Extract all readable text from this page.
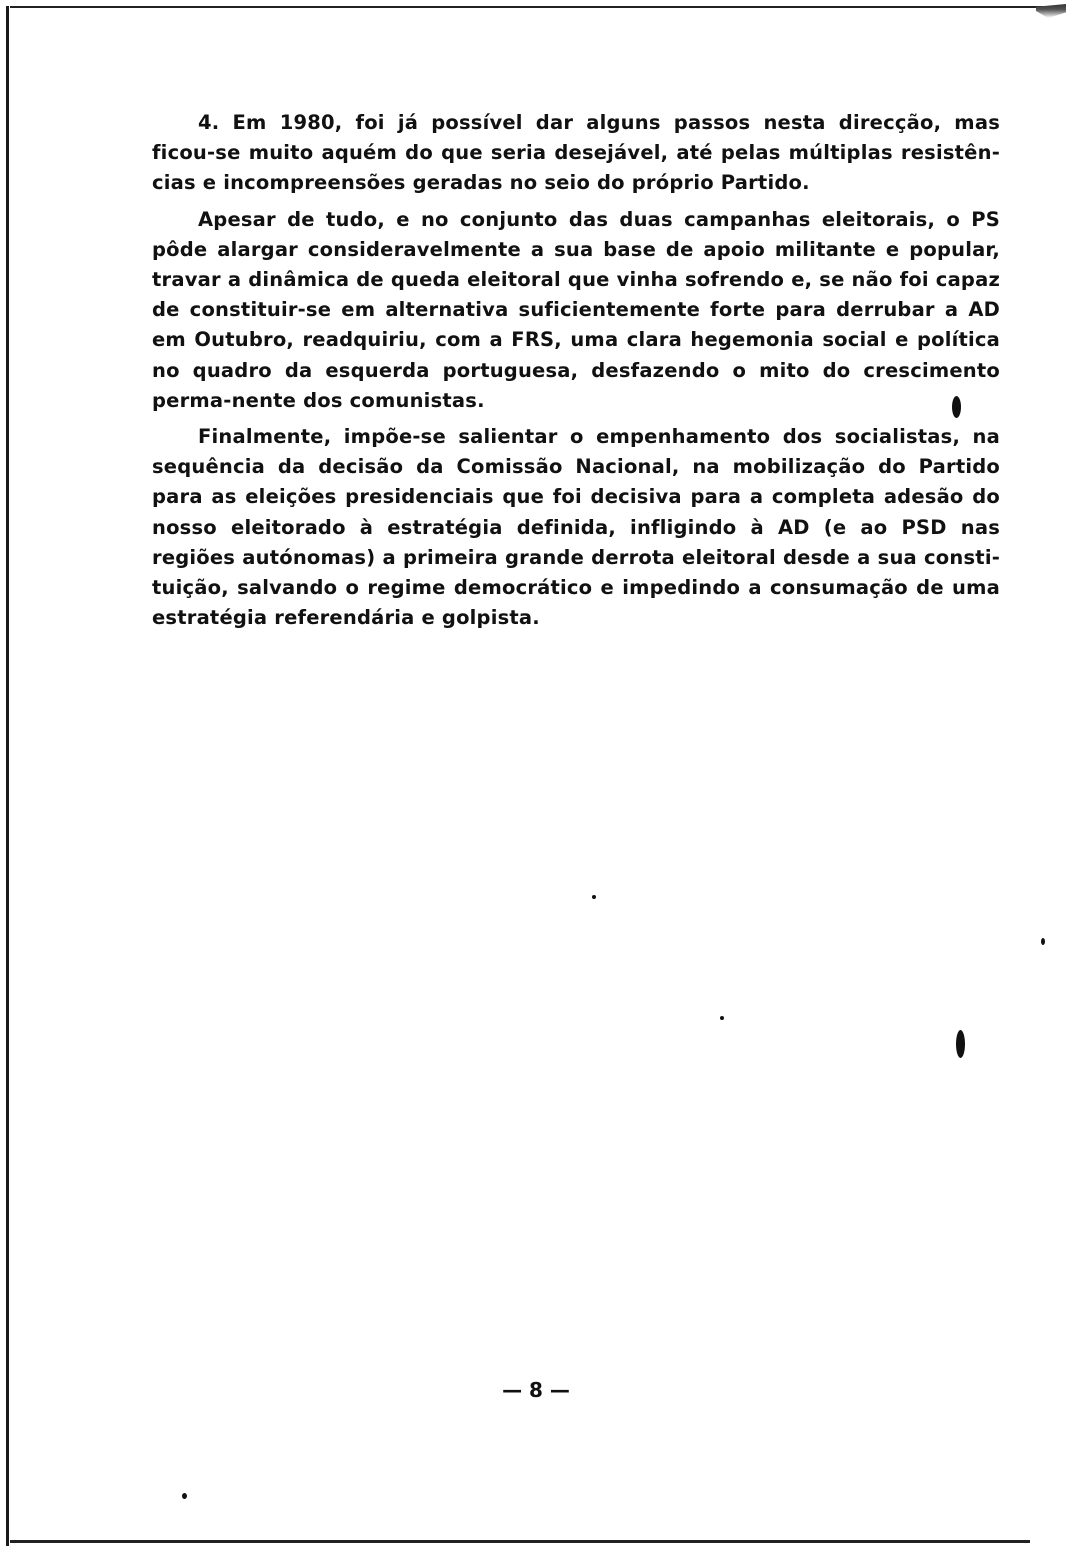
4. Em 1980, foi já possível dar alguns passos nesta direcção, mas ficou-se muito aquém do que seria desejável, até pelas múltiplas resistên-cias e incompreensões geradas no seio do próprio Partido.

Apesar de tudo, e no conjunto das duas campanhas eleitorais, o PS pôde alargar consideravelmente a sua base de apoio militante e popular, travar a dinâmica de queda eleitoral que vinha sofrendo e, se não foi capaz de constituir-se em alternativa suficientemente forte para derrubar a AD em Outubro, readquiriu, com a FRS, uma clara hegemonia social e política no quadro da esquerda portuguesa, desfazendo o mito do crescimento perma-nente dos comunistas.

Finalmente, impõe-se salientar o empenhamento dos socialistas, na sequência da decisão da Comissão Nacional, na mobilização do Partido para as eleições presidenciais que foi decisiva para a completa adesão do nosso eleitorado à estratégia definida, infligindo à AD (e ao PSD nas regiões autónomas) a primeira grande derrota eleitoral desde a sua consti-tuição, salvando o regime democrático e impedindo a consumação de uma estratégia referendária e golpista.

— 8 —
